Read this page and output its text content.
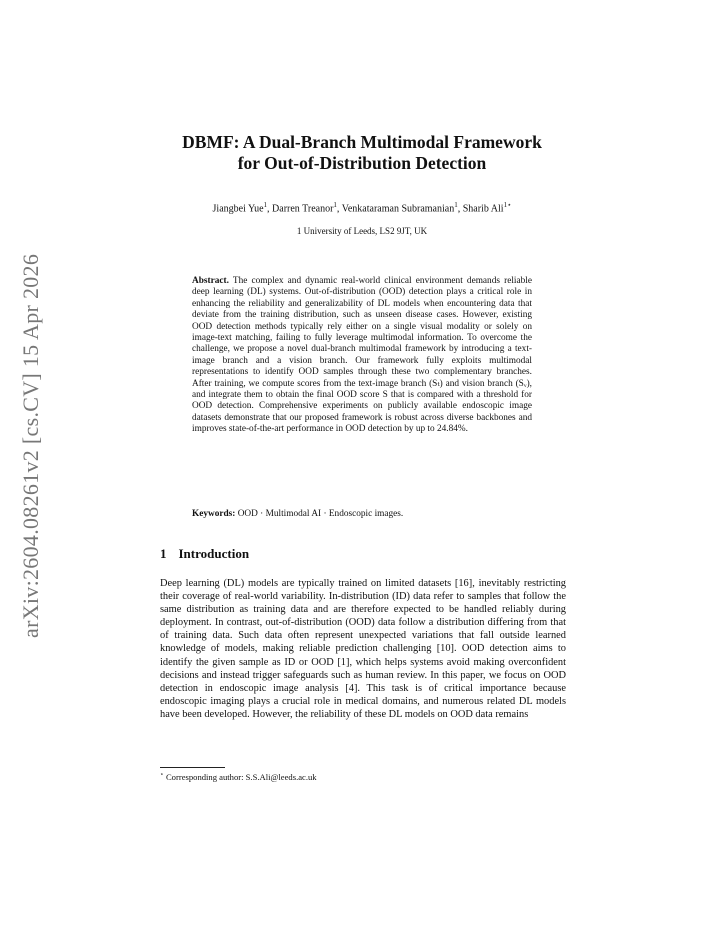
arXiv:2604.08261v2 [cs.CV] 15 Apr 2026
DBMF: A Dual-Branch Multimodal Framework
for Out-of-Distribution Detection
Jiangbei Yue$^1$, Darren Treanor$^1$, Venkataraman Subramanian$^1$, Sharib Ali$^{1⋆}$
1 University of Leeds, LS2 9JT, UK
Abstract. The complex and dynamic real-world clinical environment demands reliable deep learning (DL) systems. Out-of-distribution (OOD) detection plays a critical role in enhancing the reliability and generalizability of DL models when encountering data that deviate from the training distribution, such as unseen disease cases. However, existing OOD detection methods typically rely either on a single visual modality or solely on image-text matching, failing to fully leverage multimodal information. To overcome the challenge, we propose a novel dual-branch multimodal framework by introducing a text-image branch and a vision branch. Our framework fully exploits multimodal representations to identify OOD samples through these two complementary branches. After training, we compute scores from the text-image branch (Sₜ) and vision branch (Sᵥ), and integrate them to obtain the final OOD score S that is compared with a threshold for OOD detection. Comprehensive experiments on publicly available endoscopic image datasets demonstrate that our proposed framework is robust across diverse backbones and improves state-of-the-art performance in OOD detection by up to 24.84%.
Keywords: OOD · Multimodal AI · Endoscopic images.
1 Introduction
Deep learning (DL) models are typically trained on limited datasets [16], inevitably restricting their coverage of real-world variability. In-distribution (ID) data refer to samples that follow the same distribution as training data and are therefore expected to be handled reliably during deployment. In contrast, out-of-distribution (OOD) data follow a distribution differing from that of training data. Such data often represent unexpected variations that fall outside learned knowledge of models, making reliable prediction challenging [10]. OOD detection aims to identify the given sample as ID or OOD [1], which helps systems avoid making overconfident decisions and instead trigger safeguards such as human review. In this paper, we focus on OOD detection in endoscopic image analysis [4]. This task is of critical importance because endoscopic imaging plays a crucial role in medical domains, and numerous related DL models have been developed. However, the reliability of these DL models on OOD data remains
⋆ Corresponding author: S.S.Ali@leeds.ac.uk
